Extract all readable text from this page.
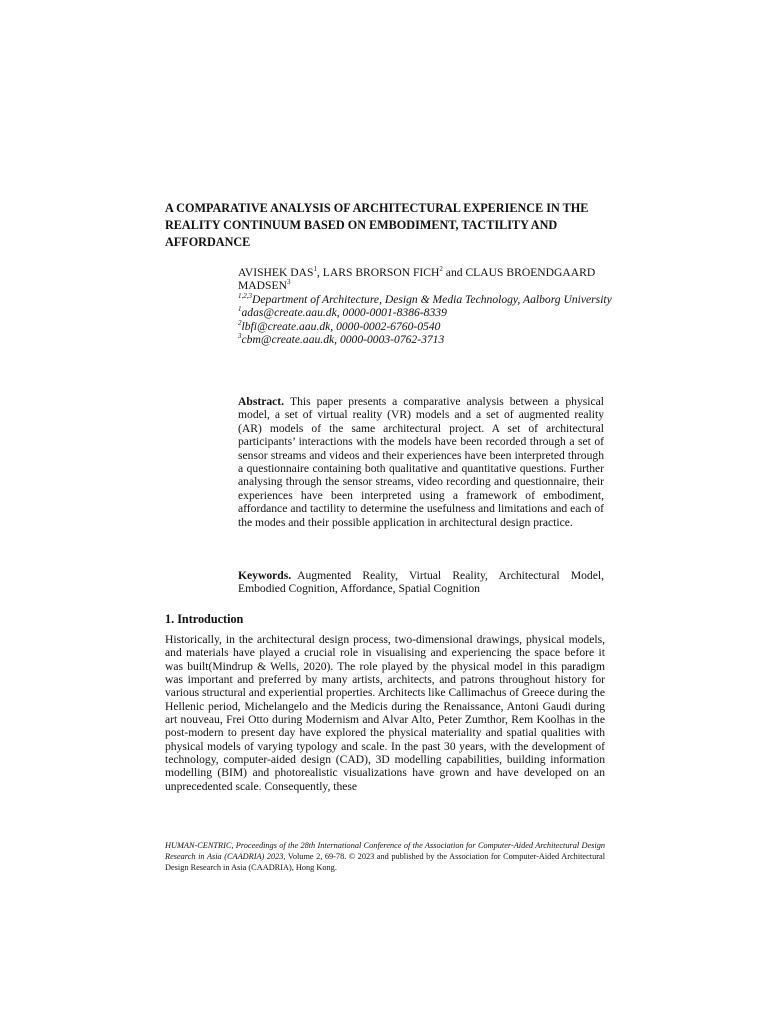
A COMPARATIVE ANALYSIS OF ARCHITECTURAL EXPERIENCE IN THE REALITY CONTINUUM BASED ON EMBODIMENT, TACTILITY AND AFFORDANCE
AVISHEK DAS$^1$, LARS BRORSON FICH$^2$ and CLAUS BROENDGAARD MADSEN$^3$
$^{1,2,3}$Department of Architecture, Design & Media Technology, Aalborg University
$^1$adas@create.aau.dk, 0000-0001-8386-8339
$^2$lbfi@create.aau.dk, 0000-0002-6760-0540
$^3$cbm@create.aau.dk, 0000-0003-0762-3713

Abstract. This paper presents a comparative analysis between a physical model, a set of virtual reality (VR) models and a set of augmented reality (AR) models of the same architectural project. A set of architectural participants’ interactions with the models have been recorded through a set of sensor streams and videos and their experiences have been interpreted through a questionnaire containing both qualitative and quantitative questions. Further analysing through the sensor streams, video recording and questionnaire, their experiences have been interpreted using a framework of embodiment, affordance and tactility to determine the usefulness and limitations and each of the modes and their possible application in architectural design practice.

Keywords. Augmented Reality, Virtual Reality, Architectural Model, Embodied Cognition, Affordance, Spatial Cognition

1. Introduction

Historically, in the architectural design process, two-dimensional drawings, physical models, and materials have played a crucial role in visualising and experiencing the space before it was built(Mindrup & Wells, 2020). The role played by the physical model in this paradigm was important and preferred by many artists, architects, and patrons throughout history for various structural and experiential properties. Architects like Callimachus of Greece during the Hellenic period, Michelangelo and the Medicis during the Renaissance, Antoni Gaudi during art nouveau, Frei Otto during Modernism and Alvar Alto, Peter Zumthor, Rem Koolhas in the post-modern to present day have explored the physical materiality and spatial qualities with physical models of varying typology and scale. In the past 30 years, with the development of technology, computer-aided design (CAD), 3D modelling capabilities, building information modelling (BIM) and photorealistic visualizations have grown and have developed on an unprecedented scale. Consequently, these

HUMAN-CENTRIC, Proceedings of the 28th International Conference of the Association for Computer-Aided Architectural Design Research in Asia (CAADRIA) 2023, Volume 2, 69-78. © 2023 and published by the Association for Computer-Aided Architectural Design Research in Asia (CAADRIA), Hong Kong.
